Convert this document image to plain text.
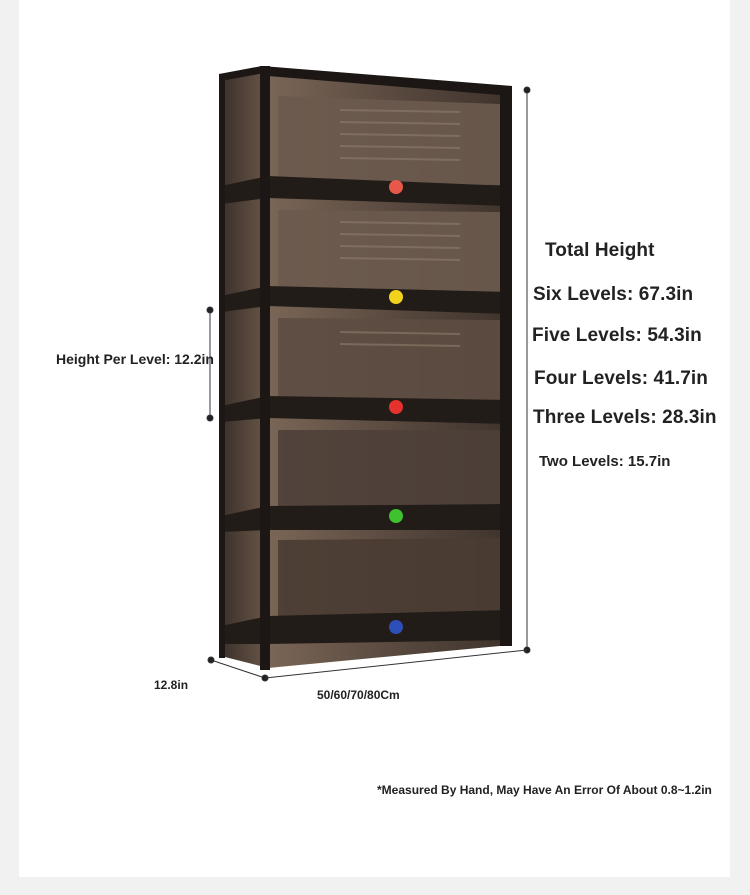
Total Height
Six Levels: 67.3in
Five Levels: 54.3in
Four Levels: 41.7in
Three Levels: 28.3in
Two Levels: 15.7in
Height Per Level: 12.2in
12.8in
50/60/70/80Cm
*Measured By Hand, May Have An Error Of About 0.8~1.2in
